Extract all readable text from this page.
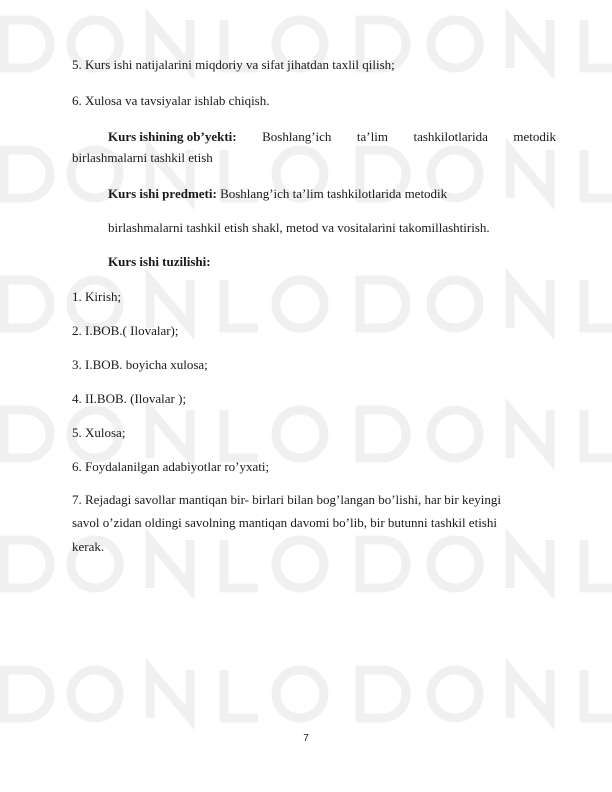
5. Kurs ishi natijalarini miqdoriy va sifat jihatdan taxlil qilish;
6. Xulosa va tavsiyalar ishlab chiqish.
Kurs ishining ob’yekti: Boshlang’ich ta’lim tashkilotlarida metodik
birlashmalarni tashkil etish
Kurs ishi predmeti: Boshlang’ich ta’lim tashkilotlarida metodik
birlashmalarni tashkil etish shakl, metod va vositalarini takomillashtirish.
Kurs ishi tuzilishi:
1. Kirish;
2. I.BOB.( Ilovalar);
3. I.BOB. boyicha xulosa;
4. II.BOB. (Ilovalar );
5. Xulosa;
6. Foydalanilgan adabiyotlar ro’yxati;
7. Rejadagi savollar mantiqan bir- birlari bilan bog’langan bo’lishi, har bir keyingi
savol o’zidan oldingi savolning mantiqan davomi bo’lib, bir butunni tashkil etishi
kerak.
7
